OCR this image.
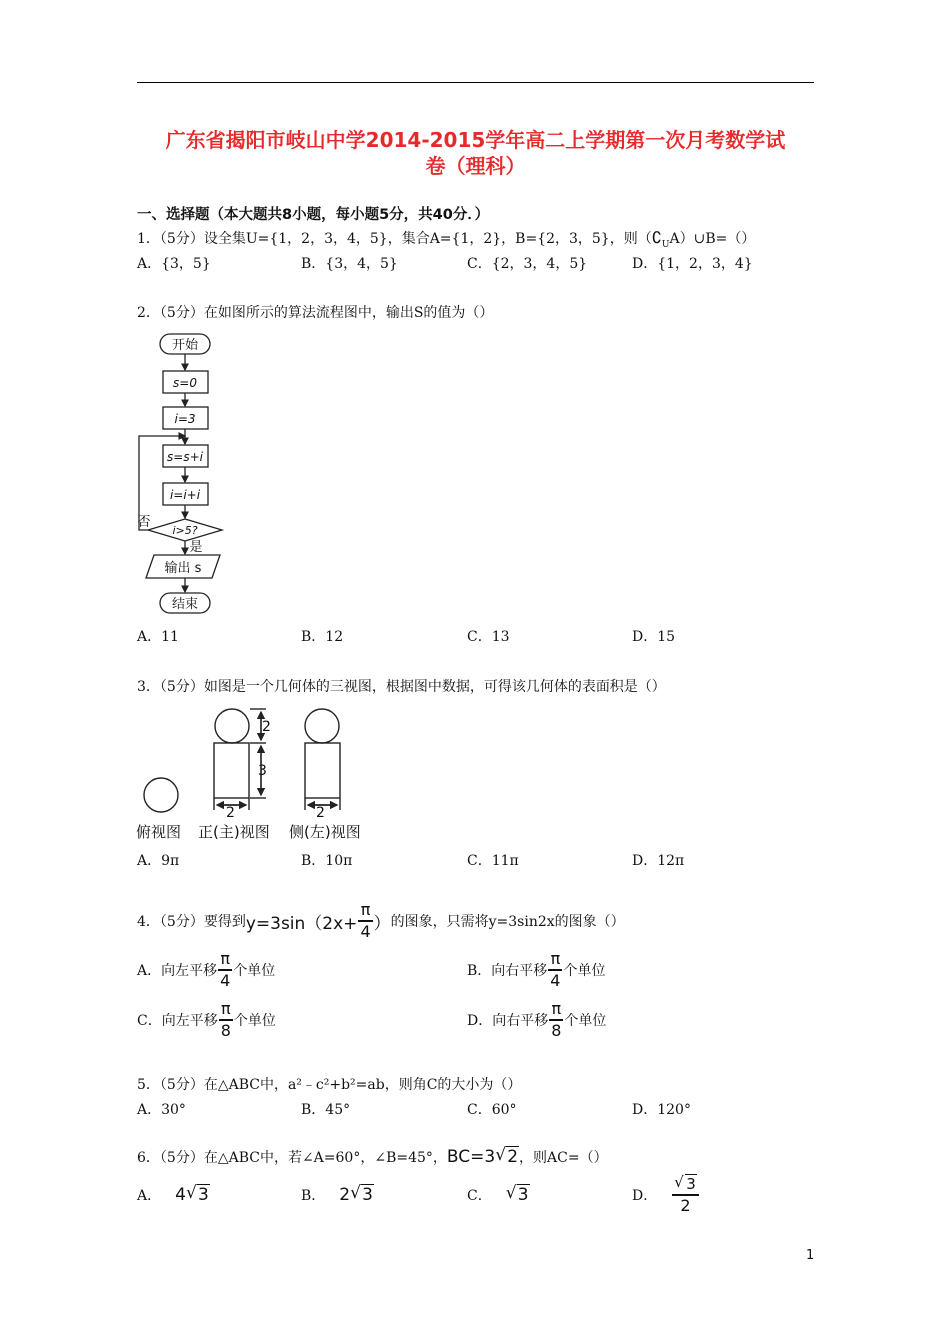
广东省揭阳市岐山中学2014-2015学年高二上学期第一次月考数学试
卷（理科）
一、选择题（本大题共8小题，每小题5分，共40分．）
1．（5分）设全集U={1，2，3，4，5}，集合A={1，2}，B={2，3，5}，则$(∁_UA)\cup B=()$
A．{3，5}	B．{3，4，5}	C．{2，3，4，5}	D．{1，2，3，4}
2．（5分）在如图所示的算法流程图中，输出S的值为（）
开始
s=0
i=3
s=s+i
i=i+i
i>5?
否
是
输出 s
结束
A．11	B．12	C．13	D．15
3．（5分）如图是一个几何体的三视图，根据图中数据，可得该几何体的表面积是（）
2
3
2	2
俯视图 正(主)视图 侧(左)视图
A．9π	B．10π	C．11π	D．12π
4．（5分）要得到 $y=3\sin(2x+ \frac{\pi}{4}$ ） 的图象，只需将y=3sin2x的图象（）
A．向左平移 $\frac{\pi}{4}$ 个单位	B．向右平移 $\frac{\pi}{4}$ 个单位
C．向左平移 $\frac{\pi}{8}$ 个单位	D．向右平移 $\frac{\pi}{8}$ 个单位
5．（5分）在△ABC中，a²﹣c²+b²=ab，则角C的大小为（）
A．30°	B．45°	C．60°	D．120°
6．（5分）在△ABC中，若∠A=60°，∠B=45°， BC=3 √ 2 ，则AC=（）
A． 4 √ 3	B． 2 √ 3	C． √ 3	D． $\frac{√ 3}{2}$
1
